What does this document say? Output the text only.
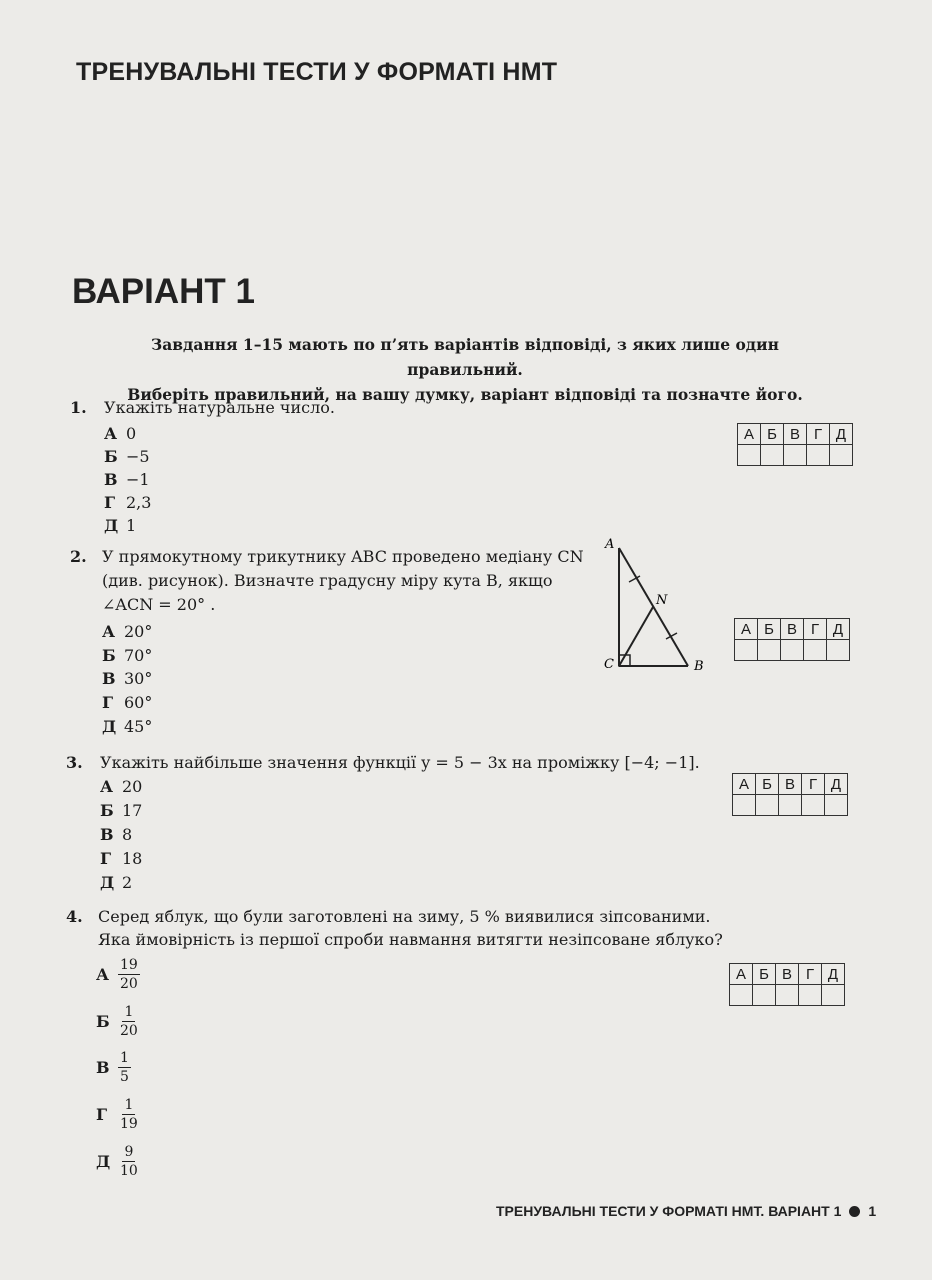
ТРЕНУВАЛЬНІ ТЕСТИ У ФОРМАТІ НМТ
ВАРІАНТ 1
Завдання 1–15 мають по п’ять варіантів відповіді, з яких лише один правильний.
Виберіть правильний, на вашу думку, варіант відповіді та позначте його.
1. Укажіть натуральне число.
А 0
Б −5
В −1
Г 2,3
Д 1
А	Б	В	Г	Д

2. У прямокутному трикутнику ABC проведено медіану CN
(див. рисунок). Визначте градусну міру кута B, якщо
∠ACN = 20° .
А 20°
Б 70°
В 30°
Г 60°
Д 45°
A
C	B
N
А	Б	В	Г	Д

3. Укажіть найбільше значення функції y = 5 − 3x на проміжку [−4; −1].
А 20
Б 17
В 8
Г 18
Д 2
А	Б	В	Г	Д

4. Серед яблук, що були заготовлені на зиму, 5 % виявилися зіпсованими.
Яка ймовірність із першої спроби навмання витягти незіпсоване яблуко?
А $\frac{19}{20}$
Б $\frac{1}{20}$
В $\frac{1}{5}$
Г $\frac{1}{19}$
Д $\frac{9}{10}$
А	Б	В	Г	Д

ТРЕНУВАЛЬНІ ТЕСТИ У ФОРМАТІ НМТ. ВАРІАНТ 1 1
